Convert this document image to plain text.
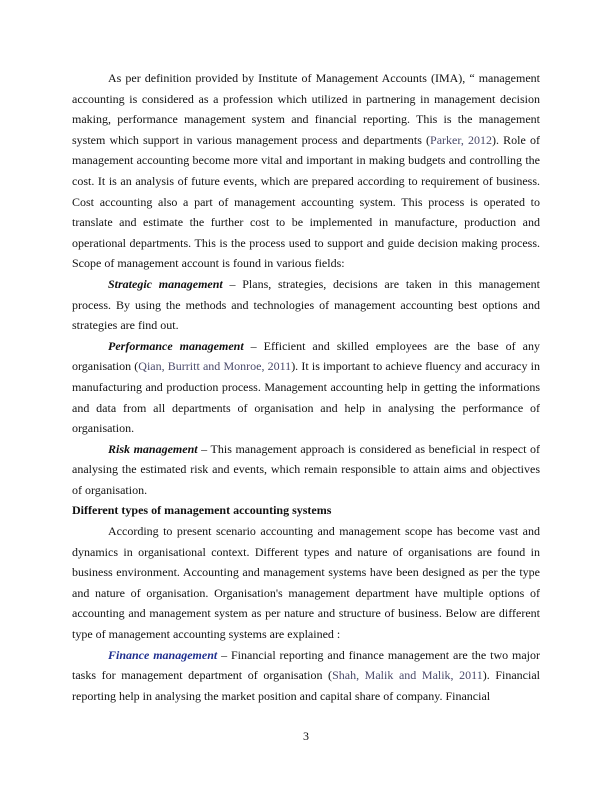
As per definition provided by Institute of Management Accounts (IMA), “ management accounting is considered as a profession which utilized in partnering in management decision making, performance management system and financial reporting. This is the management system which support in various management process and departments (Parker, 2012). Role of management accounting become more vital and important in making budgets and controlling the cost. It is an analysis of future events, which are prepared according to requirement of business. Cost accounting also a part of management accounting system. This process is operated to translate and estimate the further cost to be implemented in manufacture, production and operational departments. This is the process used to support and guide decision making process. Scope of management account is found in various fields:

Strategic management – Plans, strategies, decisions are taken in this management process. By using the methods and technologies of management accounting best options and strategies are find out.

Performance management – Efficient and skilled employees are the base of any organisation (Qian, Burritt and Monroe, 2011). It is important to achieve fluency and accuracy in manufacturing and production process. Management accounting help in getting the informations and data from all departments of organisation and help in analysing the performance of organisation.

Risk management – This management approach is considered as beneficial in respect of analysing the estimated risk and events, which remain responsible to attain aims and objectives of organisation.

Different types of management accounting systems

According to present scenario accounting and management scope has become vast and dynamics in organisational context. Different types and nature of organisations are found in business environment. Accounting and management systems have been designed as per the type and nature of organisation. Organisation's management department have multiple options of accounting and management system as per nature and structure of business. Below are different type of management accounting systems are explained :

Finance management – Financial reporting and finance management are the two major tasks for management department of organisation (Shah, Malik and Malik, 2011). Financial reporting help in analysing the market position and capital share of company. Financial

3
